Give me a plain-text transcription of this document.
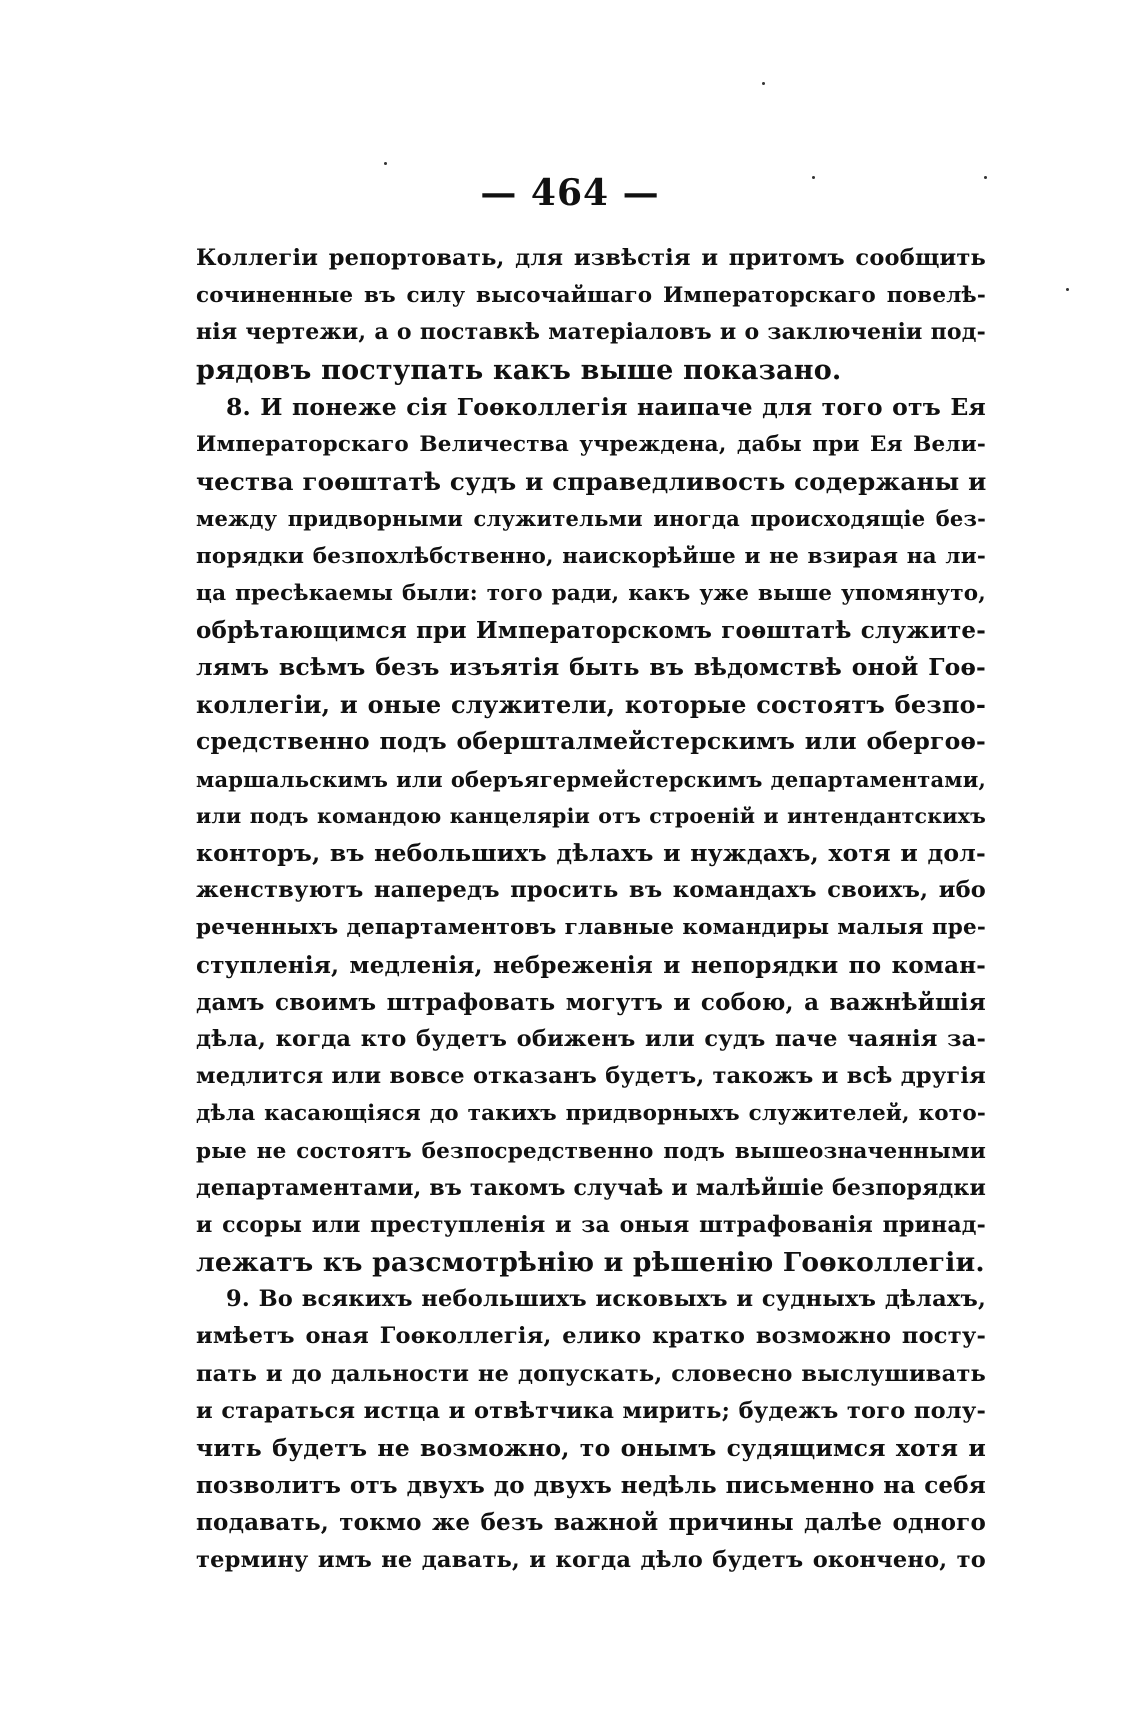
— 464 —
Коллегіи репортовать, для извѣстія и притомъ сообщить
сочиненные въ силу высочайшаго Императорскаго повелѣ-
нія чертежи, а о поставкѣ матеріаловъ и о заключеніи под-
рядовъ поступать какъ выше показано.
8. И понеже сія Гоѳколлегія наипаче для того отъ Ея
Императорскаго Величества учреждена, дабы при Ея Вели-
чества гоѳштатѣ судъ и справедливость содержаны и
между придворными служительми иногда происходящіе без-
порядки безпохлѣбственно, наискорѣйше и не взирая на ли-
ца пресѣкаемы были: того ради, какъ уже выше упомянуто,
обрѣтающимся при Императорскомъ гоѳштатѣ служите-
лямъ всѣмъ безъ изъятія быть въ вѣдомствѣ оной Гоѳ-
коллегіи, и оные служители, которые состоятъ безпо-
средственно подъ обершталмейстерскимъ или обергоѳ-
маршальскимъ или оберъягермейстерскимъ департаментами,
или подъ командою канцеляріи отъ строеній и интендантскихъ
конторъ, въ небольшихъ дѣлахъ и нуждахъ, хотя и дол-
женствуютъ напередъ просить въ командахъ своихъ, ибо
реченныхъ департаментовъ главные командиры малыя пре-
ступленія, медленія, небреженія и непорядки по коман-
дамъ своимъ штрафовать могутъ и собою, а важнѣйшія
дѣла, когда кто будетъ обиженъ или судъ паче чаянія за-
медлится или вовсе отказанъ будетъ, такожъ и всѣ другія
дѣла касающіяся до такихъ придворныхъ служителей, кото-
рые не состоятъ безпосредственно подъ вышеозначенными
департаментами, въ такомъ случаѣ и малѣйшіе безпорядки
и ссоры или преступленія и за оныя штрафованія принад-
лежатъ къ разсмотрѣнію и рѣшенію Гоѳколлегіи.
9. Во всякихъ небольшихъ исковыхъ и судныхъ дѣлахъ,
имѣетъ оная Гоѳколлегія, елико кратко возможно посту-
пать и до дальности не допускать, словесно выслушивать
и стараться истца и отвѣтчика мирить; будежъ того полу-
чить будетъ не возможно, то онымъ судящимся хотя и
позволитъ отъ двухъ до двухъ недѣль письменно на себя
подавать, токмо же безъ важной причины далѣе одного
термину имъ не давать, и когда дѣло будетъ окончено, то
